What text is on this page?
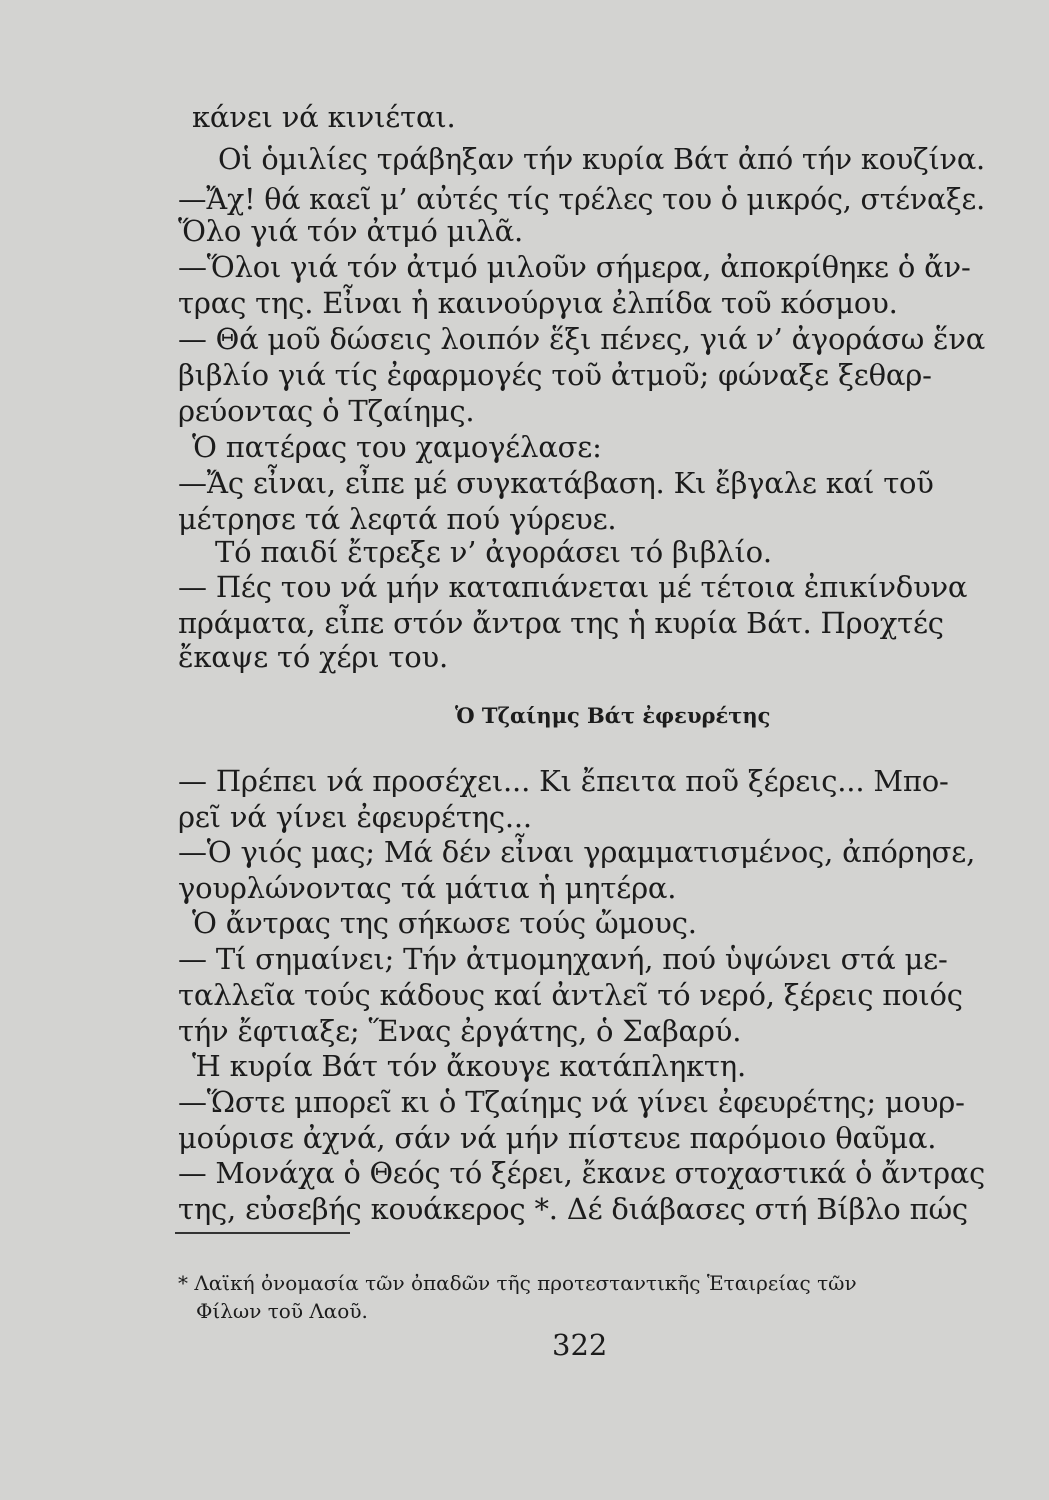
κάνει νά κινιέται.

Οἱ ὁμιλίες τράβηξαν τήν κυρία Βάτ ἀπό τήν κουζίνα.

—Ἄχ! θά καεῖ μ’ αὐτές τίς τρέλες του ὁ μικρός, στέναξε.

Ὅλο γιά τόν ἀτμό μιλᾶ.

—Ὅλοι γιά τόν ἀτμό μιλοῦν σήμερα, ἀποκρίθηκε ὁ ἄν-

τρας της. Εἶναι ἡ καινούργια ἐλπίδα τοῦ κόσμου.

— Θά μοῦ δώσεις λοιπόν ἕξι πένες, γιά ν’ ἀγοράσω ἕνα

βιβλίο γιά τίς ἐφαρμογές τοῦ ἀτμοῦ; φώναξε ξεθαρ-

ρεύοντας ὁ Τζαίημς.

Ὁ πατέρας του χαμογέλασε:

—Ἄς εἶναι, εἶπε μέ συγκατάβαση. Κι ἔβγαλε καί τοῦ

μέτρησε τά λεφτά πού γύρευε.

Τό παιδί ἔτρεξε ν’ ἀγοράσει τό βιβλίο.

— Πές του νά μήν καταπιάνεται μέ τέτοια ἐπικίνδυνα

πράματα, εἶπε στόν ἄντρα της ἡ κυρία Βάτ. Προχτές

ἔκαψε τό χέρι του.

Ὁ Τζαίημς Βάτ ἐφευρέτης

— Πρέπει νά προσέχει... Κι ἔπειτα ποῦ ξέρεις... Μπο-

ρεῖ νά γίνει ἐφευρέτης...

—Ὁ γιός μας; Μά δέν εἶναι γραμματισμένος, ἀπόρησε,

γουρλώνοντας τά μάτια ἡ μητέρα.

Ὁ ἄντρας της σήκωσε τούς ὤμους.

— Τί σημαίνει; Τήν ἀτμομηχανή, πού ὑψώνει στά με-

ταλλεῖα τούς κάδους καί ἀντλεῖ τό νερό, ξέρεις ποιός

τήν ἔφτιαξε; Ἕνας ἐργάτης, ὁ Σαβαρύ.

Ἡ κυρία Βάτ τόν ἄκουγε κατάπληκτη.

—Ὥστε μπορεῖ κι ὁ Τζαίημς νά γίνει ἐφευρέτης; μουρ-

μούρισε ἀχνά, σάν νά μήν πίστευε παρόμοιο θαῦμα.

— Μονάχα ὁ Θεός τό ξέρει, ἔκανε στοχαστικά ὁ ἄντρας

της, εὐσεβής κουάκερος *. Δέ διάβασες στή Βίβλο πώς

* Λαϊκή ὀνομασία τῶν ὀπαδῶν τῆς προτεσταντικῆς Ἑταιρείας τῶν

Φίλων τοῦ Λαοῦ.

322
